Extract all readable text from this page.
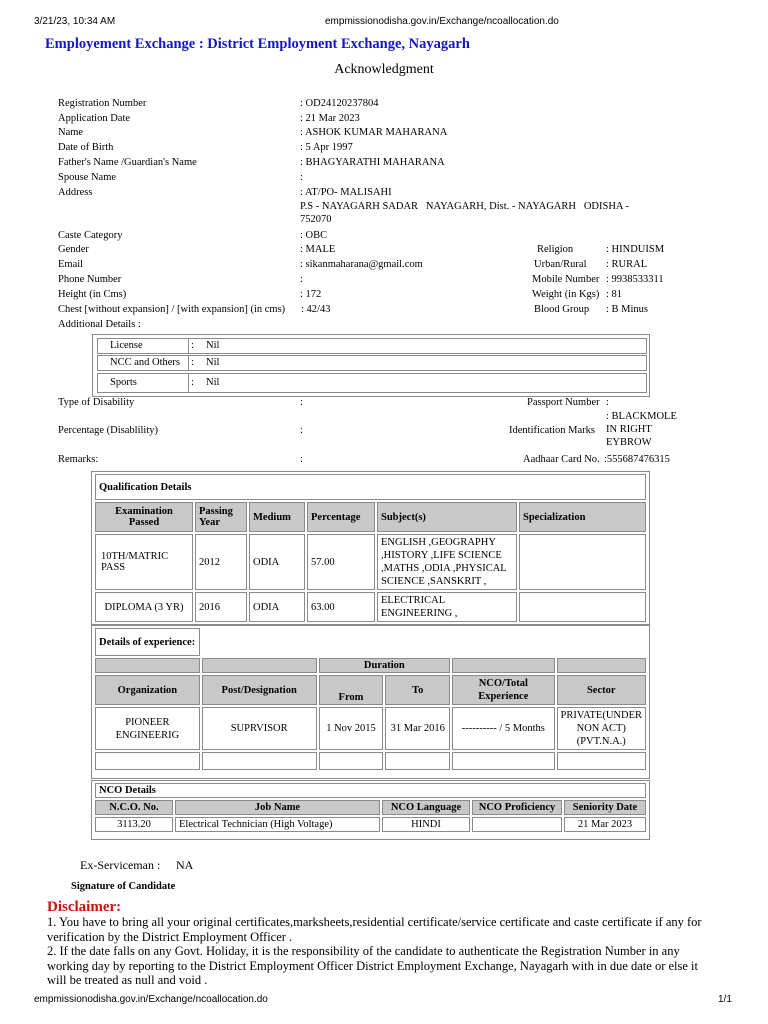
3/21/23, 10:34 AM	empmissionodisha.gov.in/Exchange/ncoallocation.do
Employement Exchange : District Employment Exchange, Nayagarh
Acknowledgment
Registration Number	: OD24120237804
Application Date	: 21 Mar 2023
Name	: ASHOK KUMAR MAHARANA
Date of Birth	: 5 Apr 1997
Father's Name /Guardian's Name	: BHAGYARATHI MAHARANA
Spouse Name	:
Address	: AT/PO- MALISAHI
P.S - NAYAGARH SADAR   NAYAGARH, Dist. - NAYAGARH   ODISHA -
752070
Caste Category	: OBC
Gender	: MALE	Religion	: HINDUISM
Email	: sikanmaharana@gmail.com	Urban/Rural : RURAL
Phone Number	:	Mobile Number : 9938533311
Height (in Cms)	: 172	Weight (in Kgs) : 81
Chest [without expansion] / [with expansion] (in cms) : 42/43	Blood Group : B Minus
Additional Details :
License	: Nil
NCC and Others : Nil
Sports	: Nil
Type of Disability	:	Passport Number :
Percentage (Disablility)	:	Identification Marks
: BLACKMOLE
IN RIGHT
EYBROW
Remarks:	:	Aadhaar Card No. :555687476315
Qualification Details					
Examination Passed	Passing Year	Medium	Percentage	Subject(s)	Specialization
10TH/MATRIC PASS	2012	ODIA	57.00	ENGLISH ,GEOGRAPHY ,HISTORY ,LIFE SCIENCE ,MATHS ,ODIA ,PHYSICAL SCIENCE ,SANSKRIT ,	
DIPLOMA (3 YR)	2016	ODIA	63.00	ELECTRICAL ENGINEERING ,	
Details of experience:					
		Duration			
Organization	Post/Designation	From	To	NCO/Total Experience	Sector
PIONEER ENGINEERIG	SUPRVISOR	1 Nov 2015	31 Mar 2016	---------- / 5 Months	PRIVATE(UNDER NON ACT) (PVT.N.A.)

NCO Details				
N.C.O. No.	Job Name	NCO Language	NCO Proficiency	Seniority Date
3113.20	Electrical Technician (High Voltage)	HINDI		21 Mar 2023
Ex-Serviceman : NA
Signature of Candidate
Disclaimer:
1. You have to bring all your original certificates,marksheets,residential certificate/service certificate and caste certificate if any for verification by the District Employment Officer .
2. If the date falls on any Govt. Holiday, it is the responsibility of the candidate to authenticate the Registration Number in any working day by reporting to the District Employment Officer District Employment Exchange, Nayagarh with in due date or else it will be treated as null and void .
empmissionodisha.gov.in/Exchange/ncoallocation.do	1/1
